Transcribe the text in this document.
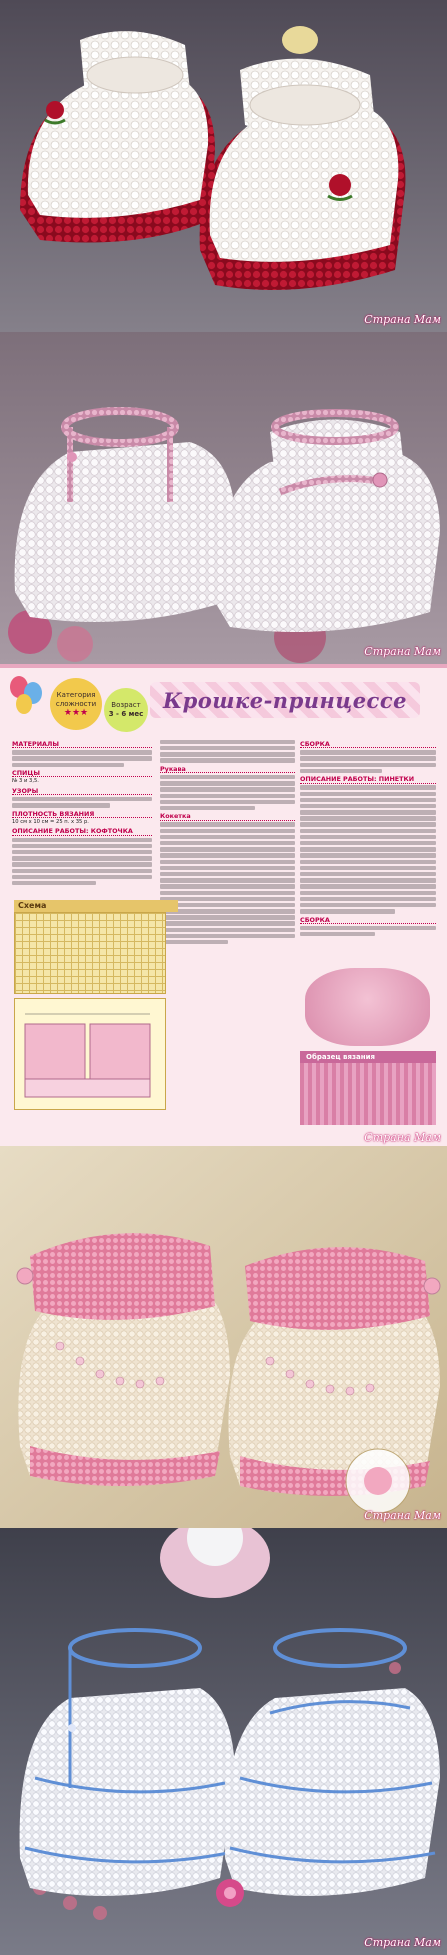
Страна Мам
Страна Мам
Категория сложности
★★★
Возраст
3 - 6 мес
Крошке-принцессе
МАТЕРИАЛЫ
СПИЦЫ

№ 3 и 3,5.

УЗОРЫ
ПЛОТНОСТЬ ВЯЗАНИЯ

10 см х 10 см = 25 п. х 35 р.

ОПИСАНИЕ РАБОТЫ: КОФТОЧКА
Рукава
Кокетка
СБОРКА
ОПИСАНИЕ РАБОТЫ: ПИНЕТКИ
СБОРКА
Схема
Образец вязания
Страна Мам
Страна Мам
Страна Мам
